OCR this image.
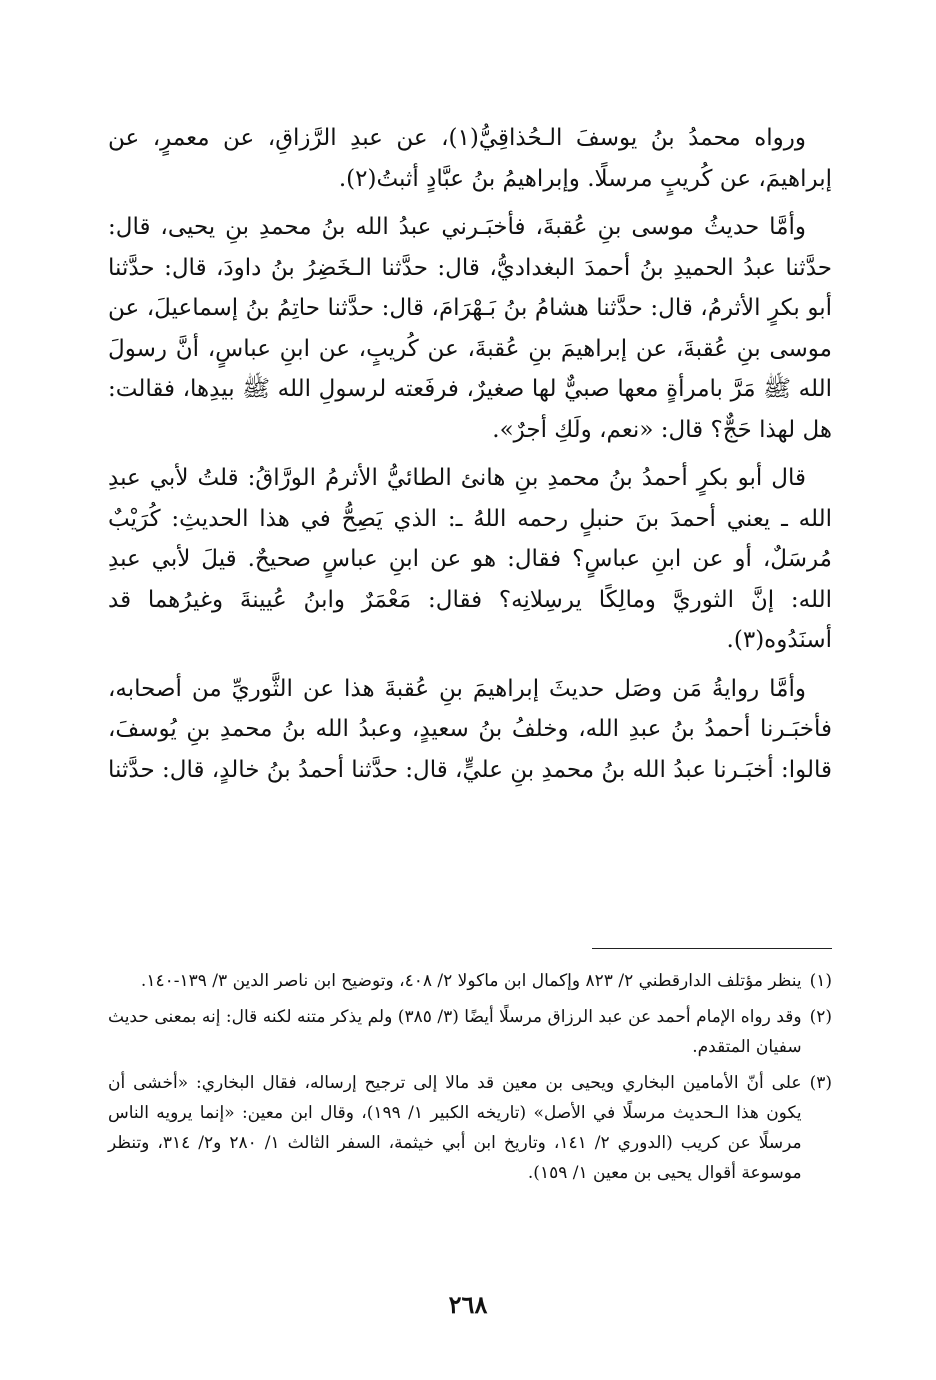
ورواه محمدُ بنُ يوسفَ الـحُذاقِيُّ(١)، عن عبدِ الرَّزاقِ، عن معمرٍ، عن إبراهيمَ، عن كُريبٍ مرسلًا. وإبراهيمُ بنُ عبَّادٍ أثبتُ(٢).

وأمَّا حديثُ موسى بنِ عُقبةَ، فأخبَـرني عبدُ الله بنُ محمدِ بنِ يحيى، قال: حدَّثنا عبدُ الحميدِ بنُ أحمدَ البغداديُّ، قال: حدَّثنا الـخَضِرُ بنُ داودَ، قال: حدَّثنا أبو بكرٍ الأثرمُ، قال: حدَّثنا هشامُ بنُ بَـهْرَامَ، قال: حدَّثنا حاتِمُ بنُ إسماعيلَ، عن موسى بنِ عُقبةَ، عن إبراهيمَ بنِ عُقبةَ، عن كُريبٍ، عن ابنِ عباسٍ، أنَّ رسولَ الله ﷺ مَرَّ بامرأةٍ معها صبيٌّ لها صغيرٌ، فرفَعته لرسولِ الله ﷺ بيدِها، فقالت: هل لهذا حَجٌّ؟ قال: «نعم، ولَكِ أجرٌ».

قال أبو بكرٍ أحمدُ بنُ محمدِ بنِ هانئ الطائيُّ الأثرمُ الورَّاقُ: قلتُ لأبي عبدِ الله ـ يعني أحمدَ بنَ حنبلٍ رحمه اللهُ ـ: الذي يَصِحُّ في هذا الحديثِ: كُرَيْبٌ مُرسَلٌ، أو عن ابنِ عباسٍ؟ فقال: هو عن ابنِ عباسٍ صحيحٌ. قيلَ لأبي عبدِ الله: إنَّ الثوريَّ ومالِكًا يرسِلانِه؟ فقال: مَعْمَرٌ وابنُ عُيينةَ وغيرُهما قد أسنَدُوه(٣).

وأمَّا روايةُ مَن وصَل حديثَ إبراهيمَ بنِ عُقبةَ هذا عن الثَّوريِّ من أصحابه، فأخبَـرنا أحمدُ بنُ عبدِ الله، وخلفُ بنُ سعيدٍ، وعبدُ الله بنُ محمدِ بنِ يُوسفَ، قالوا: أخبَـرنا عبدُ الله بنُ محمدِ بنِ عليٍّ، قال: حدَّثنا أحمدُ بنُ خالدٍ، قال: حدَّثنا

(١)
ينظر مؤتلف الدارقطني ٢/ ٨٢٣ وإكمال ابن ماكولا ٢/ ٤٠٨، وتوضيح ابن ناصر الدين ٣/ ١٣٩-١٤٠.
(٢)
وقد رواه الإمام أحمد عن عبد الرزاق مرسلًا أيضًا (٣/ ٣٨٥) ولم يذكر متنه لكنه قال: إنه بمعنى حديث سفيان المتقدم.
(٣)
على أنّ الأمامين البخاري ويحيى بن معين قد مالا إلى ترجيح إرساله، فقال البخاري: «أخشى أن يكون هذا الـحديث مرسلًا في الأصل» (تاريخه الكبير ١/ ١٩٩)، وقال ابن معين: «إنما يرويه الناس مرسلًا عن كريب (الدوري ٢/ ١٤١، وتاريخ ابن أبي خيثمة، السفر الثالث ١/ ٢٨٠ و٢/ ٣١٤، وتنظر موسوعة أقوال يحيى بن معين ١/ ١٥٩).
٢٦٨
